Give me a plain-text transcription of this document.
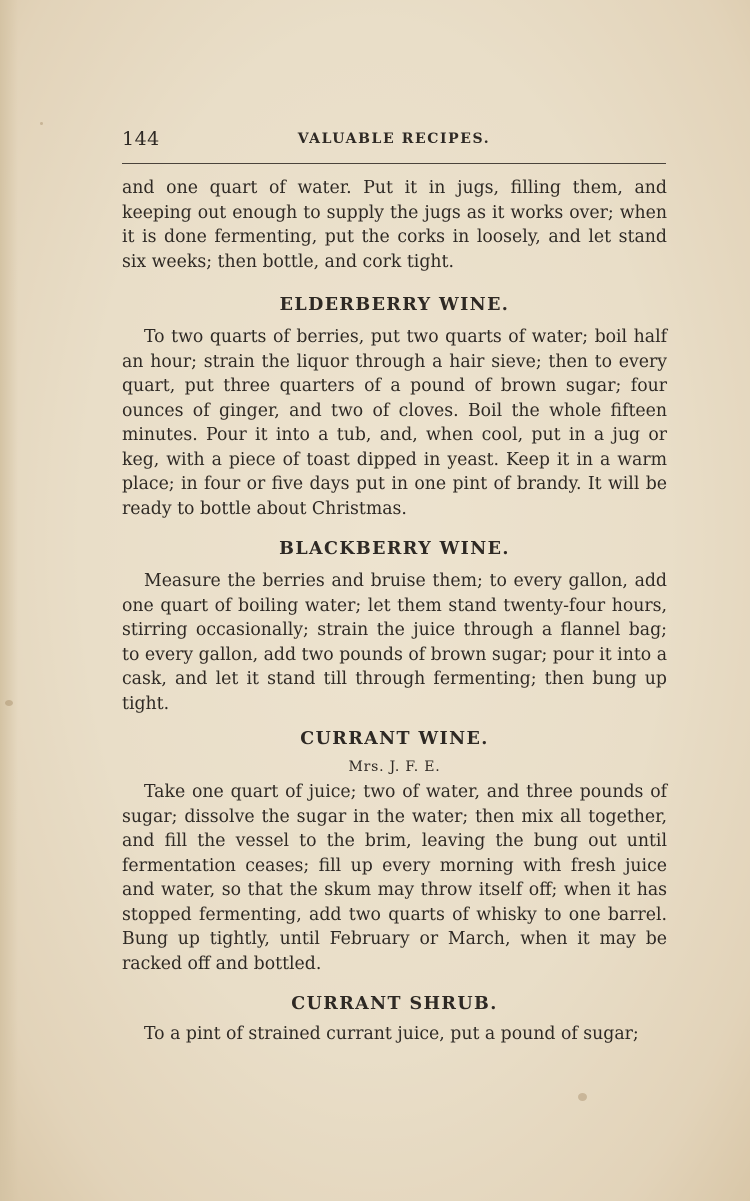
144	VALUABLE RECIPES.

and one quart of water. Put it in jugs, filling them, and keeping out enough to supply the jugs as it works over; when it is done fermenting, put the corks in loosely, and let stand six weeks; then bottle, and cork tight.

ELDERBERRY WINE.

To two quarts of berries, put two quarts of water; boil half an hour; strain the liquor through a hair sieve; then to every quart, put three quarters of a pound of brown sugar; four ounces of ginger, and two of cloves. Boil the whole fifteen minutes. Pour it into a tub, and, when cool, put in a jug or keg, with a piece of toast dipped in yeast. Keep it in a warm place; in four or five days put in one pint of brandy. It will be ready to bottle about Christmas.

BLACKBERRY WINE.

Measure the berries and bruise them; to every gallon, add one quart of boiling water; let them stand twenty-four hours, stirring occasionally; strain the juice through a flannel bag; to every gallon, add two pounds of brown sugar; pour it into a cask, and let it stand till through fermenting; then bung up tight.

CURRANT WINE.

Mrs. J. F. E.

Take one quart of juice; two of water, and three pounds of sugar; dissolve the sugar in the water; then mix all together, and fill the vessel to the brim, leaving the bung out until fermentation ceases; fill up every morning with fresh juice and water, so that the skum may throw itself off; when it has stopped fermenting, add two quarts of whisky to one barrel. Bung up tightly, until February or March, when it may be racked off and bottled.

CURRANT SHRUB.

To a pint of strained currant juice, put a pound of sugar;
